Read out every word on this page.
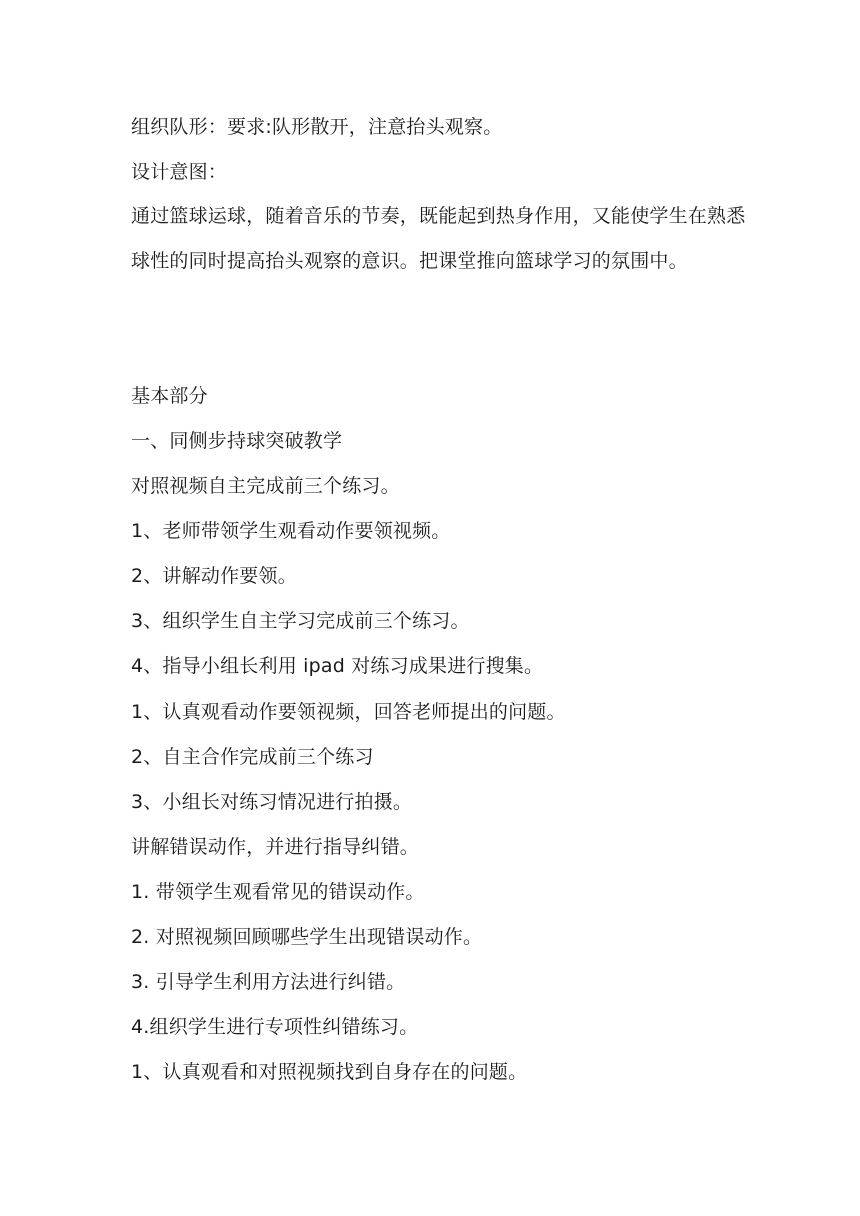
组织队形：要求:队形散开，注意抬头观察。
设计意图：
通过篮球运球，随着音乐的节奏，既能起到热身作用，又能使学生在熟悉球性的同时提高抬头观察的意识。把课堂推向篮球学习的氛围中。
基本部分
一、同侧步持球突破教学
对照视频自主完成前三个练习。
1、老师带领学生观看动作要领视频。
2、讲解动作要领。
3、组织学生自主学习完成前三个练习。
4、指导小组长利用 ipad 对练习成果进行搜集。
1、认真观看动作要领视频，回答老师提出的问题。
2、自主合作完成前三个练习
3、小组长对练习情况进行拍摄。
讲解错误动作，并进行指导纠错。
1. 带领学生观看常见的错误动作。
2. 对照视频回顾哪些学生出现错误动作。
3. 引导学生利用方法进行纠错。
4.组织学生进行专项性纠错练习。
1、认真观看和对照视频找到自身存在的问题。
